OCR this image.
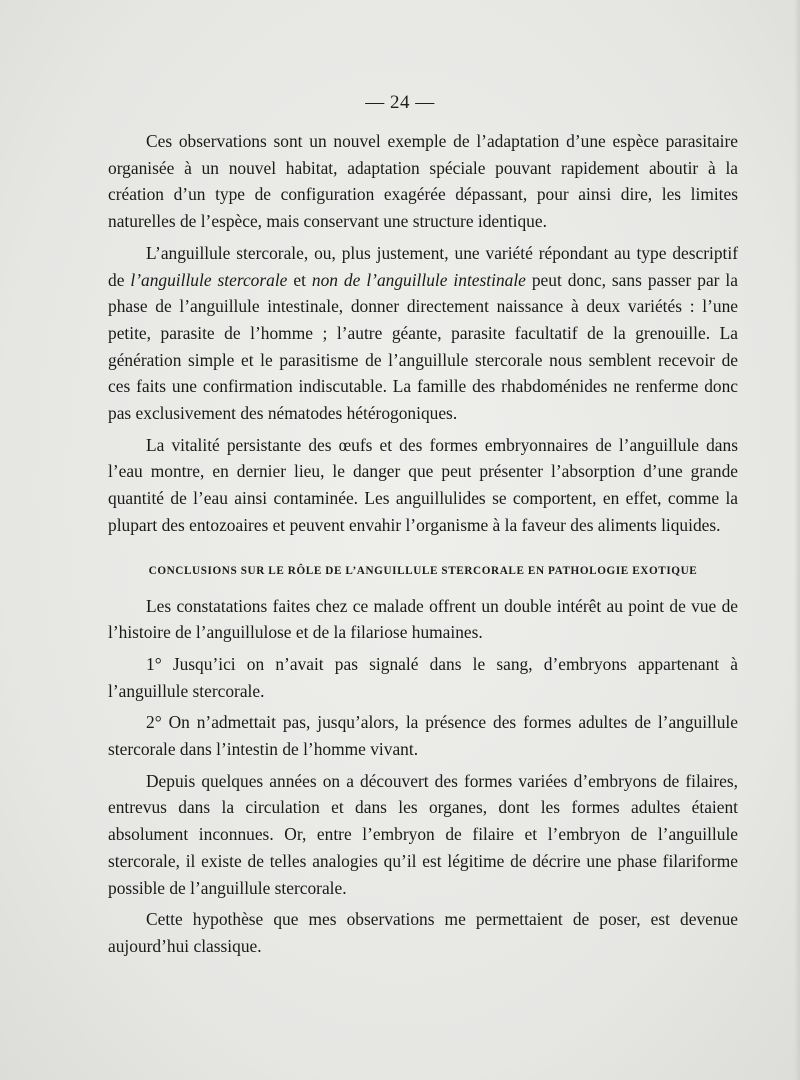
— 24 —

Ces observations sont un nouvel exemple de l’adaptation d’une espèce parasitaire organisée à un nouvel habitat, adaptation spéciale pouvant rapidement aboutir à la création d’un type de configuration exagérée dépassant, pour ainsi dire, les limites naturelles de l’espèce, mais conservant une structure identique.

L’anguillule stercorale, ou, plus justement, une variété répondant au type descriptif de l’anguillule stercorale et non de l’anguillule intestinale peut donc, sans passer par la phase de l’anguillule intestinale, donner directement naissance à deux variétés : l’une petite, parasite de l’homme ; l’autre géante, parasite facultatif de la grenouille. La génération simple et le parasitisme de l’anguillule stercorale nous semblent recevoir de ces faits une confirmation indiscutable. La famille des rhabdoménides ne renferme donc pas exclusivement des nématodes hétérogoniques.

La vitalité persistante des œufs et des formes embryonnaires de l’anguillule dans l’eau montre, en dernier lieu, le danger que peut présenter l’absorption d’une grande quantité de l’eau ainsi contaminée. Les anguillulides se comportent, en effet, comme la plupart des entozoaires et peuvent envahir l’organisme à la faveur des aliments liquides.

CONCLUSIONS SUR LE RÔLE DE L’ANGUILLULE STERCORALE EN PATHOLOGIE EXOTIQUE

Les constatations faites chez ce malade offrent un double intérêt au point de vue de l’histoire de l’anguillulose et de la filariose humaines.

1° Jusqu’ici on n’avait pas signalé dans le sang, d’embryons appartenant à l’anguillule stercorale.

2° On n’admettait pas, jusqu’alors, la présence des formes adultes de l’anguillule stercorale dans l’intestin de l’homme vivant.

Depuis quelques années on a découvert des formes variées d’embryons de filaires, entrevus dans la circulation et dans les organes, dont les formes adultes étaient absolument inconnues. Or, entre l’embryon de filaire et l’embryon de l’anguillule stercorale, il existe de telles analogies qu’il est légitime de décrire une phase filariforme possible de l’anguillule stercorale.

Cette hypothèse que mes observations me permettaient de poser, est devenue aujourd’hui classique.
